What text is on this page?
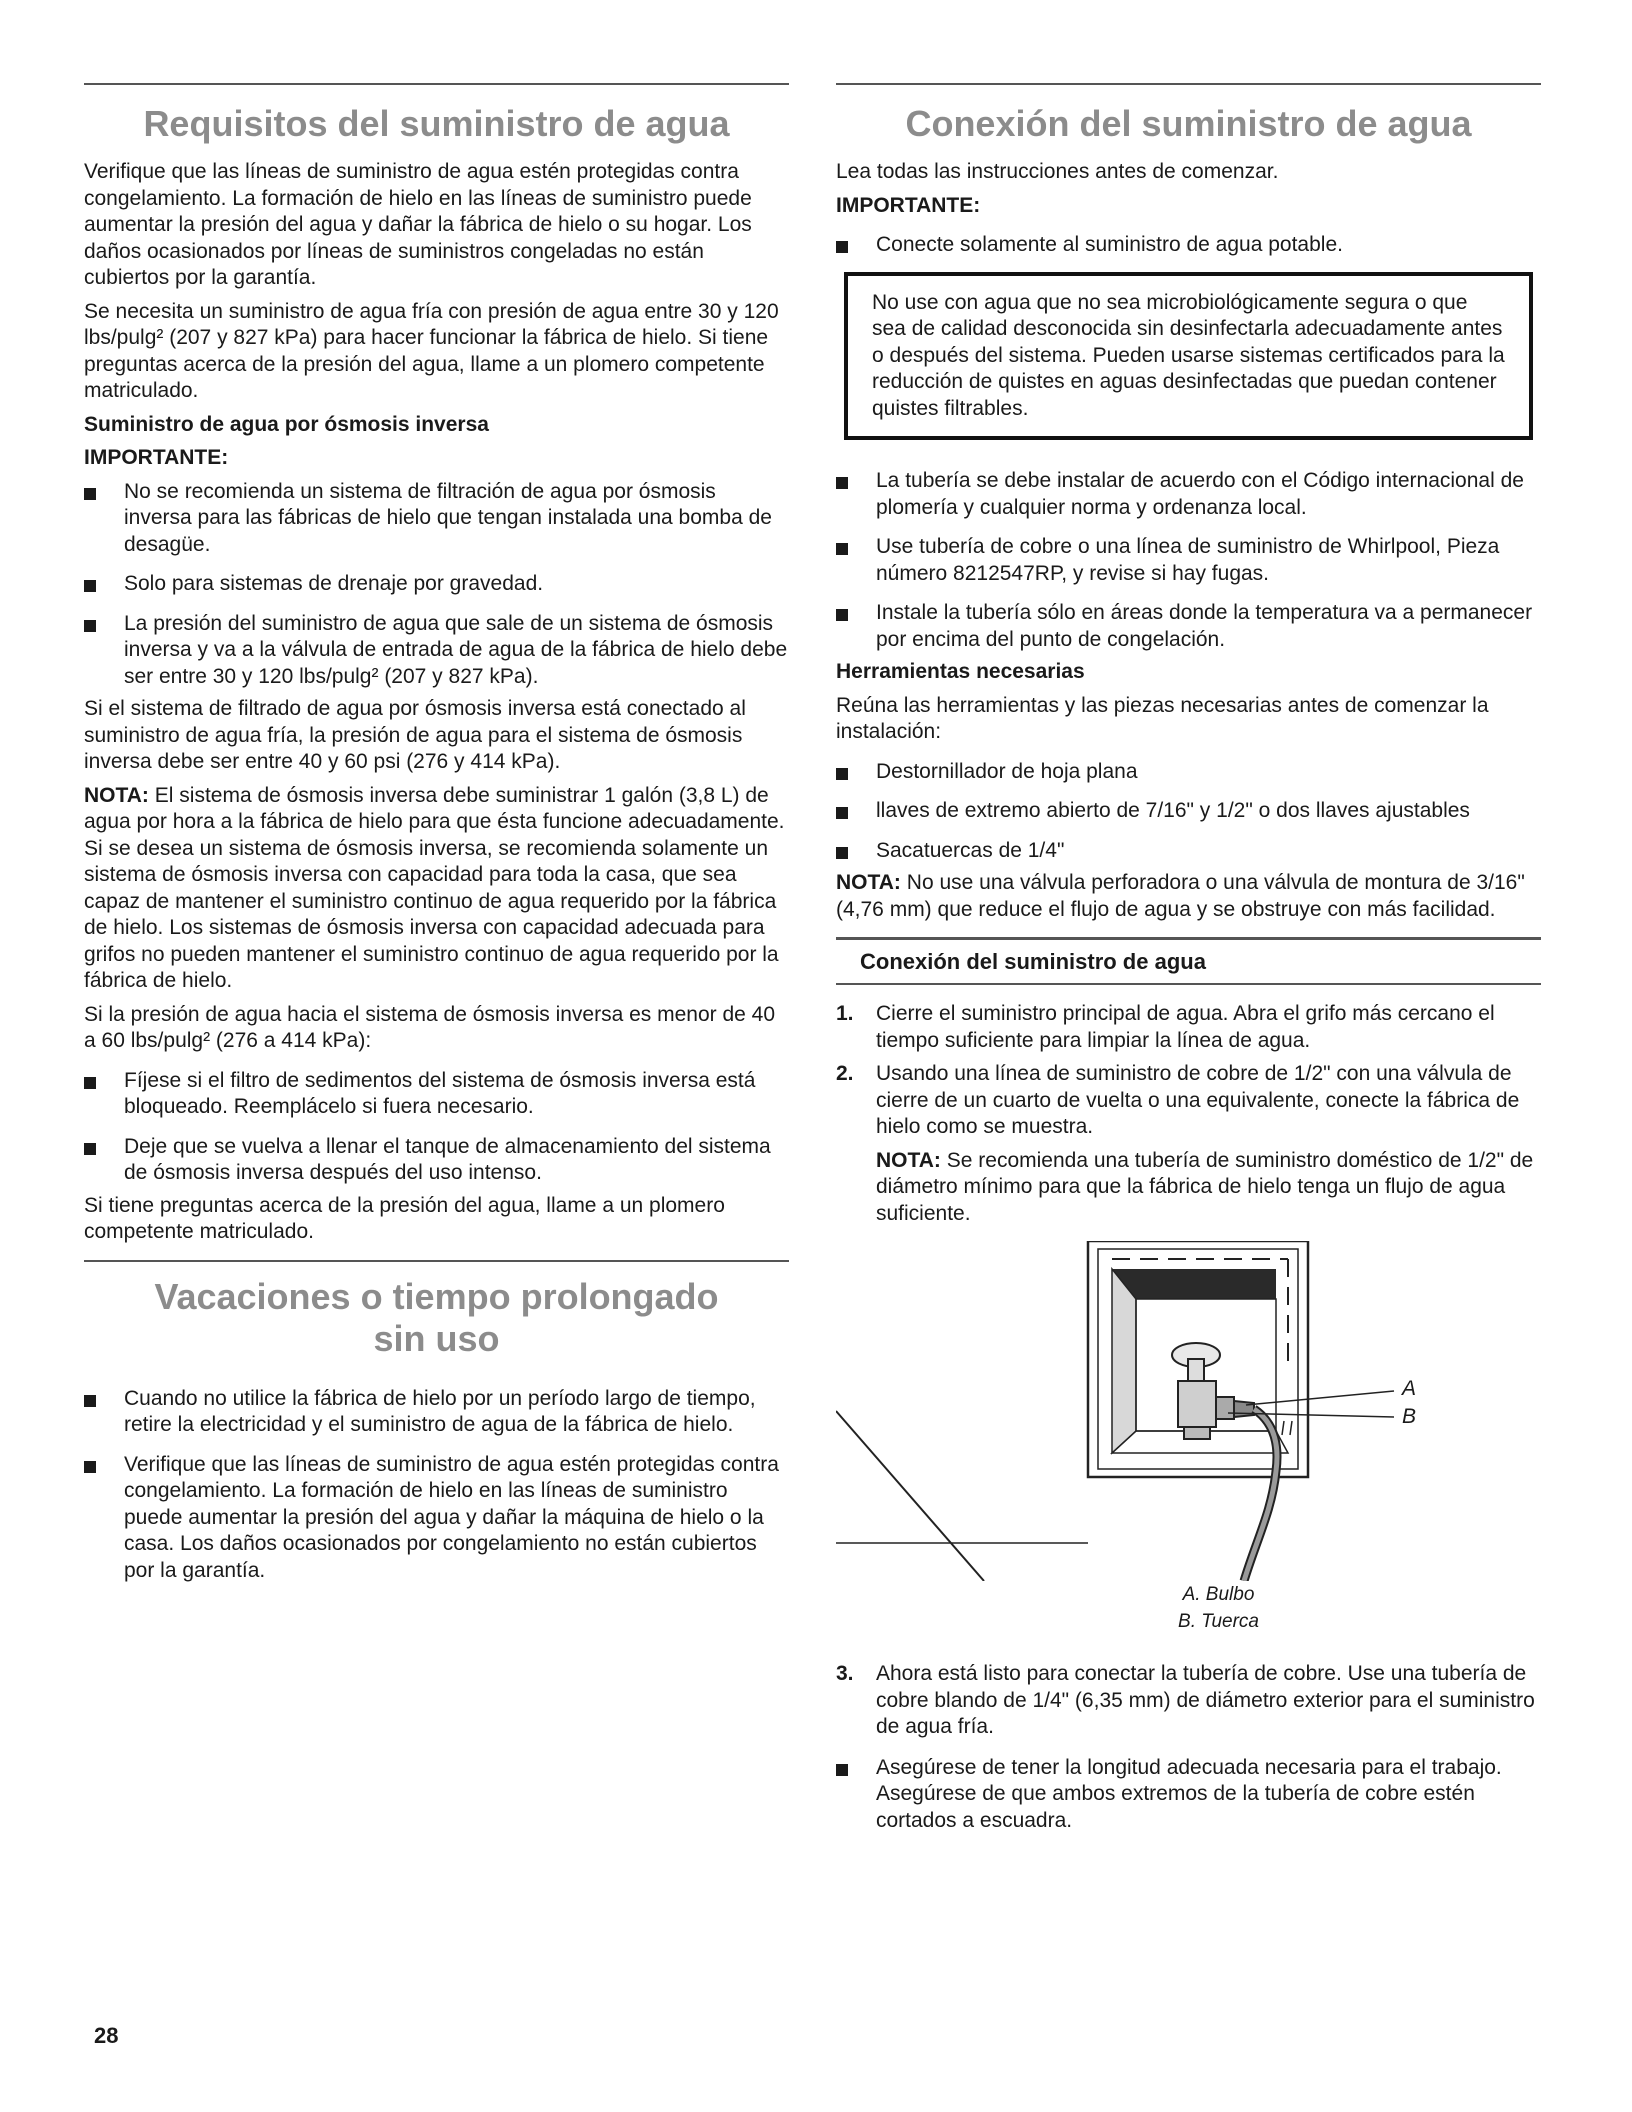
Requisitos del suministro de agua

Verifique que las líneas de suministro de agua estén protegidas contra congelamiento. La formación de hielo en las líneas de suministro puede aumentar la presión del agua y dañar la fábrica de hielo o su hogar. Los daños ocasionados por líneas de suministros congeladas no están cubiertos por la garantía.

Se necesita un suministro de agua fría con presión de agua entre 30 y 120 lbs/pulg² (207 y 827 kPa) para hacer funcionar la fábrica de hielo. Si tiene preguntas acerca de la presión del agua, llame a un plomero competente matriculado.

Suministro de agua por ósmosis inversa
IMPORTANTE:
No se recomienda un sistema de filtración de agua por ósmosis inversa para las fábricas de hielo que tengan instalada una bomba de desagüe.
Solo para sistemas de drenaje por gravedad.
La presión del suministro de agua que sale de un sistema de ósmosis inversa y va a la válvula de entrada de agua de la fábrica de hielo debe ser entre 30 y 120 lbs/pulg² (207 y 827 kPa).

Si el sistema de filtrado de agua por ósmosis inversa está conectado al suministro de agua fría, la presión de agua para el sistema de ósmosis inversa debe ser entre 40 y 60 psi (276 y 414 kPa).

NOTA: El sistema de ósmosis inversa debe suministrar 1 galón (3,8 L) de agua por hora a la fábrica de hielo para que ésta funcione adecuadamente. Si se desea un sistema de ósmosis inversa, se recomienda solamente un sistema de ósmosis inversa con capacidad para toda la casa, que sea capaz de mantener el suministro continuo de agua requerido por la fábrica de hielo. Los sistemas de ósmosis inversa con capacidad adecuada para grifos no pueden mantener el suministro continuo de agua requerido por la fábrica de hielo.

Si la presión de agua hacia el sistema de ósmosis inversa es menor de 40 a 60 lbs/pulg² (276 a 414 kPa):

Fíjese si el filtro de sedimentos del sistema de ósmosis inversa está bloqueado. Reemplácelo si fuera necesario.
Deje que se vuelva a llenar el tanque de almacenamiento del sistema de ósmosis inversa después del uso intenso.

Si tiene preguntas acerca de la presión del agua, llame a un plomero competente matriculado.

Vacaciones o tiempo prolongado
sin uso
Cuando no utilice la fábrica de hielo por un período largo de tiempo, retire la electricidad y el suministro de agua de la fábrica de hielo.
Verifique que las líneas de suministro de agua estén protegidas contra congelamiento. La formación de hielo en las líneas de suministro puede aumentar la presión del agua y dañar la máquina de hielo o la casa. Los daños ocasionados por congelamiento no están cubiertos por la garantía.
Conexión del suministro de agua

Lea todas las instrucciones antes de comenzar.

IMPORTANTE:
Conecte solamente al suministro de agua potable.

No use con agua que no sea microbiológicamente segura o que sea de calidad desconocida sin desinfectarla adecuadamente antes o después del sistema. Pueden usarse sistemas certificados para la reducción de quistes en aguas desinfectadas que puedan contener quistes filtrables.

La tubería se debe instalar de acuerdo con el Código internacional de plomería y cualquier norma y ordenanza local.
Use tubería de cobre o una línea de suministro de Whirlpool, Pieza número 8212547RP, y revise si hay fugas.
Instale la tubería sólo en áreas donde la temperatura va a permanecer por encima del punto de congelación.
Herramientas necesarias

Reúna las herramientas y las piezas necesarias antes de comenzar la instalación:

Destornillador de hoja plana
llaves de extremo abierto de 7/16" y 1/2" o dos llaves ajustables
Sacatuercas de 1/4"

NOTA: No use una válvula perforadora o una válvula de montura de 3/16" (4,76 mm) que reduce el flujo de agua y se obstruye con más facilidad.

Conexión del suministro de agua
1. Cierre el suministro principal de agua. Abra el grifo más cercano el tiempo suficiente para limpiar la línea de agua.
2. Usando una línea de suministro de cobre de 1/2" con una válvula de cierre de un cuarto de vuelta o una equivalente, conecte la fábrica de hielo como se muestra.

NOTA: Se recomienda una tubería de suministro doméstico de 1/2" de diámetro mínimo para que la fábrica de hielo tenga un flujo de agua suficiente.

A
B
A. Bulbo
B. Tuerca
3. Ahora está listo para conectar la tubería de cobre. Use una tubería de cobre blando de 1/4" (6,35 mm) de diámetro exterior para el suministro de agua fría.
Asegúrese de tener la longitud adecuada necesaria para el trabajo. Asegúrese de que ambos extremos de la tubería de cobre estén cortados a escuadra.
28
